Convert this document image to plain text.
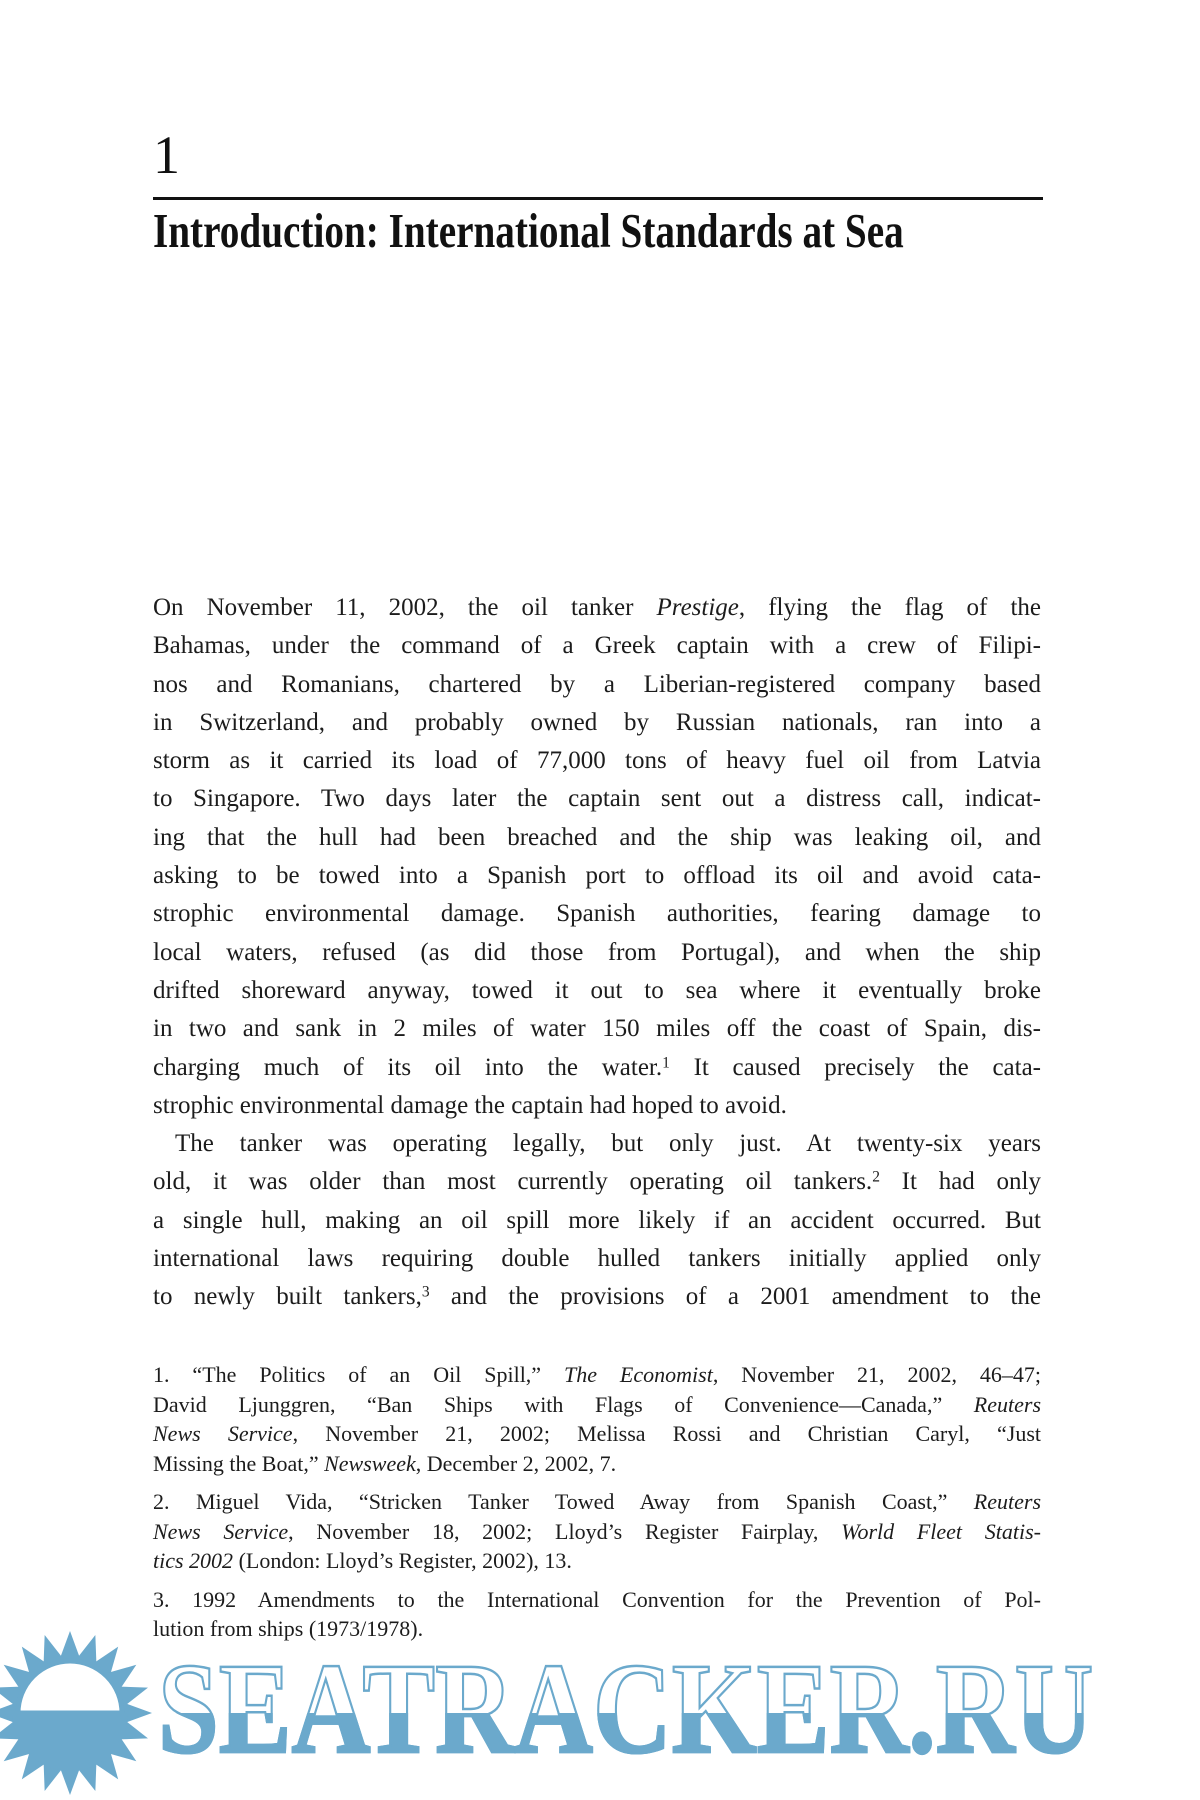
1
Introduction: International Standards at Sea
On November 11, 2002, the oil tanker Prestige, flying the flag of the
Bahamas, under the command of a Greek captain with a crew of Filipi-
nos and Romanians, chartered by a Liberian-registered company based
in Switzerland, and probably owned by Russian nationals, ran into a
storm as it carried its load of 77,000 tons of heavy fuel oil from Latvia
to Singapore. Two days later the captain sent out a distress call, indicat-
ing that the hull had been breached and the ship was leaking oil, and
asking to be towed into a Spanish port to offload its oil and avoid cata-
strophic environmental damage. Spanish authorities, fearing damage to
local waters, refused (as did those from Portugal), and when the ship
drifted shoreward anyway, towed it out to sea where it eventually broke
in two and sank in 2 miles of water 150 miles off the coast of Spain, dis-
charging much of its oil into the water.$^1$ It caused precisely the cata-
strophic environmental damage the captain had hoped to avoid.
The tanker was operating legally, but only just. At twenty-six years
old, it was older than most currently operating oil tankers.$^2$ It had only
a single hull, making an oil spill more likely if an accident occurred. But
international laws requiring double hulled tankers initially applied only
to newly built tankers,$^3$ and the provisions of a 2001 amendment to the
1. “The Politics of an Oil Spill,” The Economist, November 21, 2002, 46–47;
David Ljunggren, “Ban Ships with Flags of Convenience—Canada,” Reuters
News Service, November 21, 2002; Melissa Rossi and Christian Caryl, “Just
Missing the Boat,” Newsweek, December 2, 2002, 7.
2. Miguel Vida, “Stricken Tanker Towed Away from Spanish Coast,” Reuters
News Service, November 18, 2002; Lloyd’s Register Fairplay, World Fleet Statis-
tics 2002 (London: Lloyd’s Register, 2002), 13.
3. 1992 Amendments to the International Convention for the Prevention of Pol-
lution from ships (1973/1978).
SEATRACKER.RU
